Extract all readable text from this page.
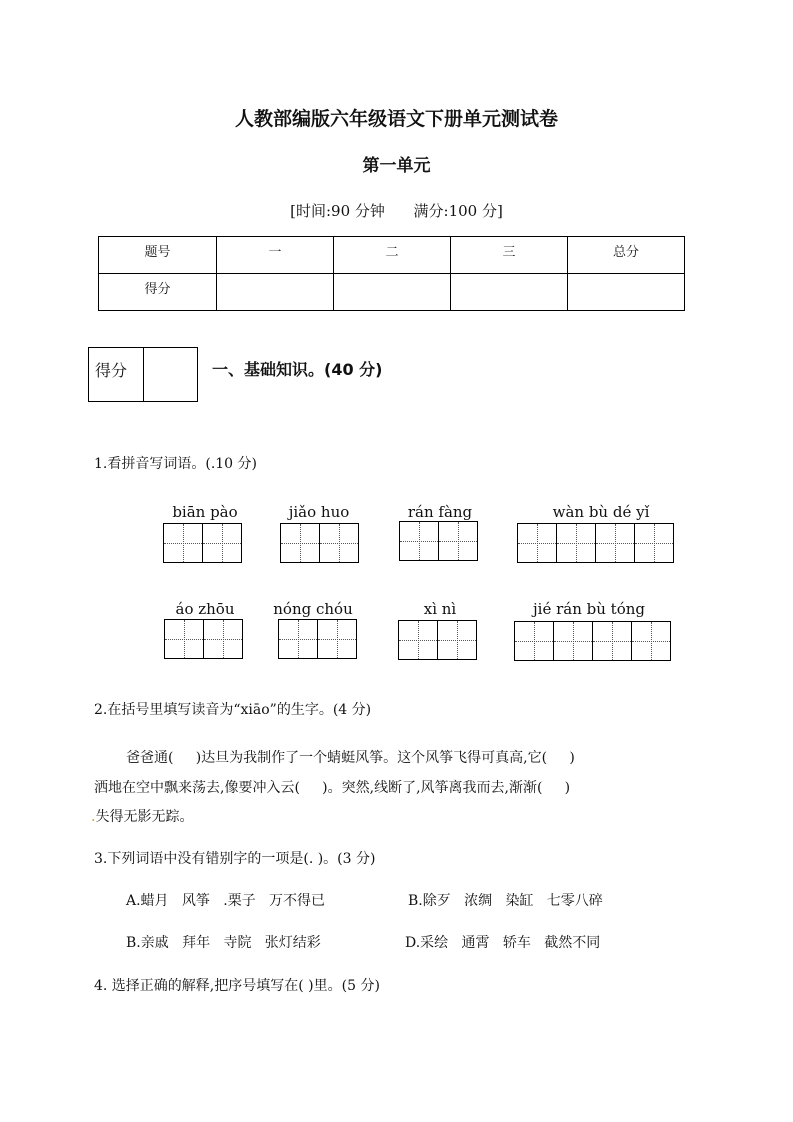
人教部编版六年级语文下册单元测试卷
第一单元
[时间:90 分钟      满分:100 分]
题号	一	二	三	总分
得分				
得分	一、基础知识。(40 分)
1.看拼音写词语。(.10 分)
biān pào	jiǎo huo	rán fàng	wàn bù dé yǐ
áo zhōu	nóng chóu	xì nì	jié rán bù tóng
2.在括号里填写读音为“xiāo”的生字。(4 分)
爸爸通(     )达旦为我制作了一个蜻蜓风筝。这个风筝飞得可真高,它(     )
洒地在空中飘来荡去,像要冲入云(     )。突然,线断了,风筝离我而去,渐渐(     )
.失得无影无踪。
3.下列词语中没有错别字的一项是(. )。(3 分)
A.蜡月   风筝   .栗子   万不得已	B.除歹   浓绸   染缸   七零八碎
B.亲戚   拜年   寺院   张灯结彩	D.采绘   通霄   轿车   截然不同
4. 选择正确的解释,把序号填写在( )里。(5 分)
